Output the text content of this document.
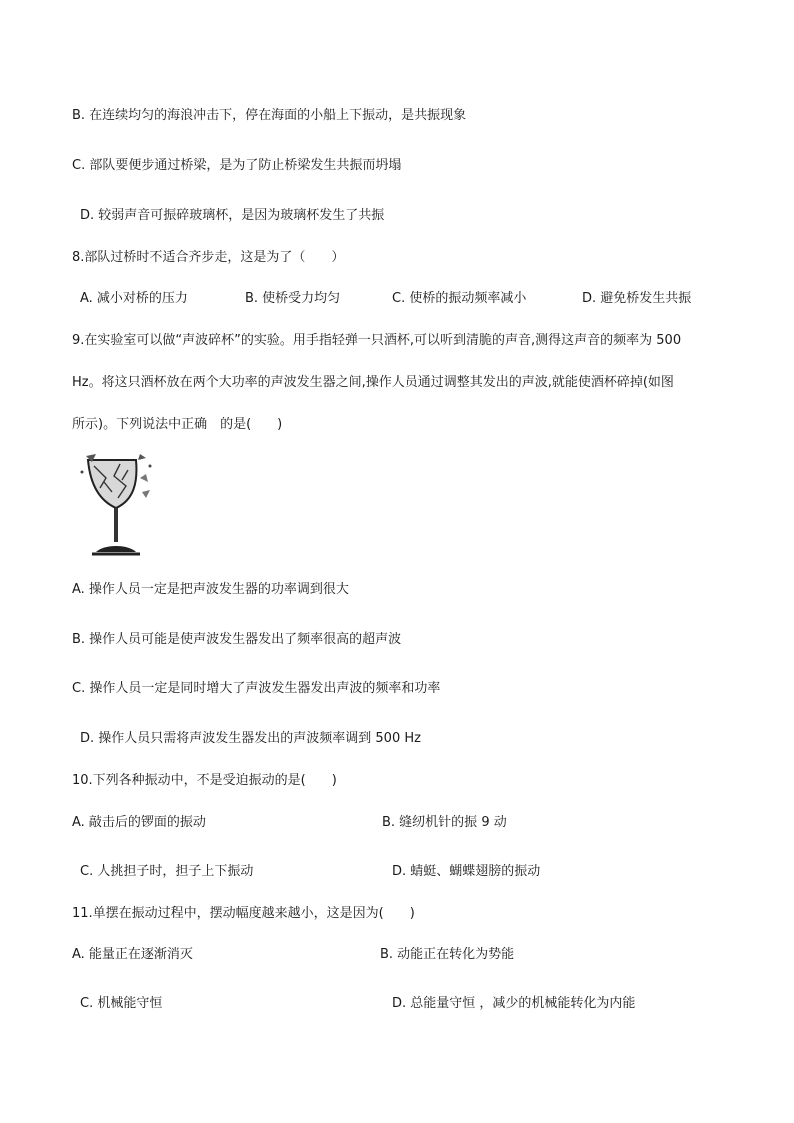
B. 在连续均匀的海浪冲击下，停在海面的小船上下振动，是共振现象
C. 部队要便步通过桥梁，是为了防止桥梁发生共振而坍塌
D. 较弱声音可振碎玻璃杯，是因为玻璃杯发生了共振
8.部队过桥时不适合齐步走，这是为了（　　）
A. 减小对桥的压力	B. 使桥受力均匀	C. 使桥的振动频率减小	D. 避免桥发生共振
9.在实验室可以做“声波碎杯”的实验。用手指轻弹一只酒杯,可以听到清脆的声音,测得这声音的频率为 500
Hz。将这只酒杯放在两个大功率的声波发生器之间,操作人员通过调整其发出的声波,就能使酒杯碎掉(如图
所示)。下列说法中正确　的是(　　)
A. 操作人员一定是把声波发生器的功率调到很大
B. 操作人员可能是使声波发生器发出了频率很高的超声波
C. 操作人员一定是同时增大了声波发生器发出声波的频率和功率
D. 操作人员只需将声波发生器发出的声波频率调到 500 Hz
10.下列各种振动中，不是受迫振动的是(　　)
A. 敲击后的锣面的振动	B. 缝纫机针的振 9 动
C. 人挑担子时，担子上下振动	D. 蜻蜓、蝴蝶翅膀的振动
11.单摆在振动过程中，摆动幅度越来越小，这是因为(　　)
A. 能量正在逐渐消灭	B. 动能正在转化为势能
C. 机械能守恒	D. 总能量守恒 ，减少的机械能转化为内能
